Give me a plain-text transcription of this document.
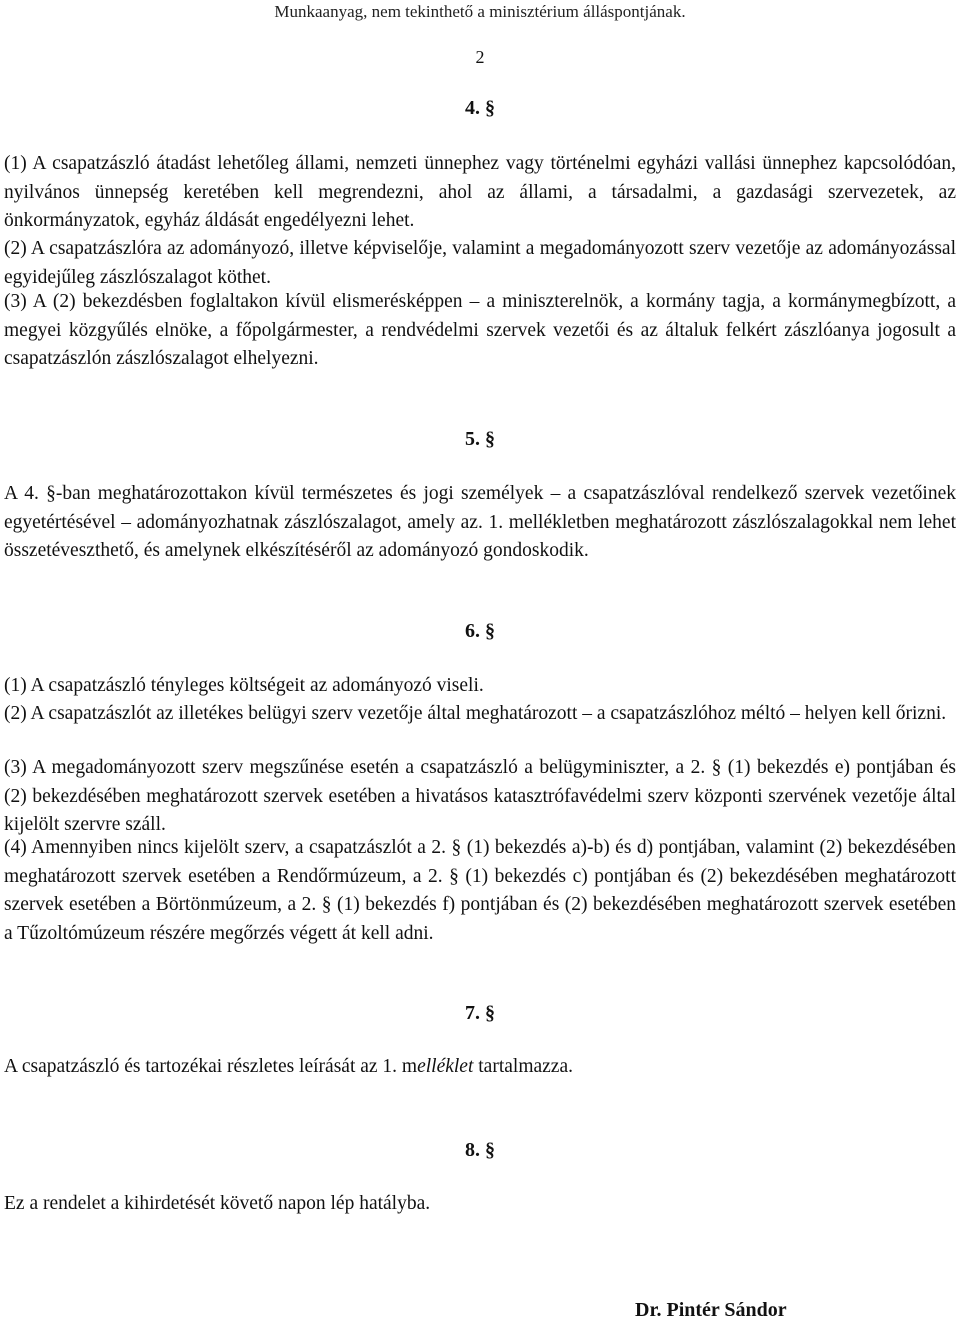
Munkaanyag, nem tekinthető a minisztérium álláspontjának.
2
4. §

(1) A csapatzászló átadást lehetőleg állami, nemzeti ünnephez vagy történelmi egyházi vallási ünnephez kapcsolódóan, nyilvános ünnepség keretében kell megrendezni, ahol az állami, a társadalmi, a gazdasági szervezetek, az önkormányzatok, egyház áldását engedélyezni lehet.

(2) A csapatzászlóra az adományozó, illetve képviselője, valamint a megadományozott szerv vezetője az adományozással egyidejűleg zászlószalagot köthet.

(3) A (2) bekezdésben foglaltakon kívül elismerésképpen – a miniszterelnök, a kormány tagja, a kormánymegbízott, a megyei közgyűlés elnöke, a főpolgármester, a rendvédelmi szervek vezetői és az általuk felkért zászlóanya jogosult a csapatzászlón zászlószalagot elhelyezni.

5. §

A 4. §-ban meghatározottakon kívül természetes és jogi személyek – a csapatzászlóval rendelkező szervek vezetőinek egyetértésével – adományozhatnak zászlószalagot, amely az. 1. mellékletben meghatározott zászlószalagokkal nem lehet összetéveszthető, és amelynek elkészítéséről az adományozó gondoskodik.

6. §

(1) A csapatzászló tényleges költségeit az adományozó viseli.

(2) A csapatzászlót az illetékes belügyi szerv vezetője által meghatározott – a csapatzászlóhoz méltó – helyen kell őrizni.

(3) A megadományozott szerv megszűnése esetén a csapatzászló a belügyminiszter, a 2. § (1) bekezdés e) pontjában és (2) bekezdésében meghatározott szervek esetében a hivatásos katasztrófavédelmi szerv központi szervének vezetője által kijelölt szervre száll.

(4) Amennyiben nincs kijelölt szerv, a csapatzászlót a 2. § (1) bekezdés a)-b) és d) pontjában, valamint (2) bekezdésében meghatározott szervek esetében a Rendőrmúzeum, a 2. § (1) bekezdés c) pontjában és (2) bekezdésében meghatározott szervek esetében a Börtönmúzeum, a 2. § (1) bekezdés f) pontjában és (2) bekezdésében meghatározott szervek esetében a Tűzoltómúzeum részére megőrzés végett át kell adni.

7. §

A csapatzászló és tartozékai részletes leírását az 1. melléklet tartalmazza.

8. §

Ez a rendelet a kihirdetését követő napon lép hatályba.

Dr. Pintér Sándor
